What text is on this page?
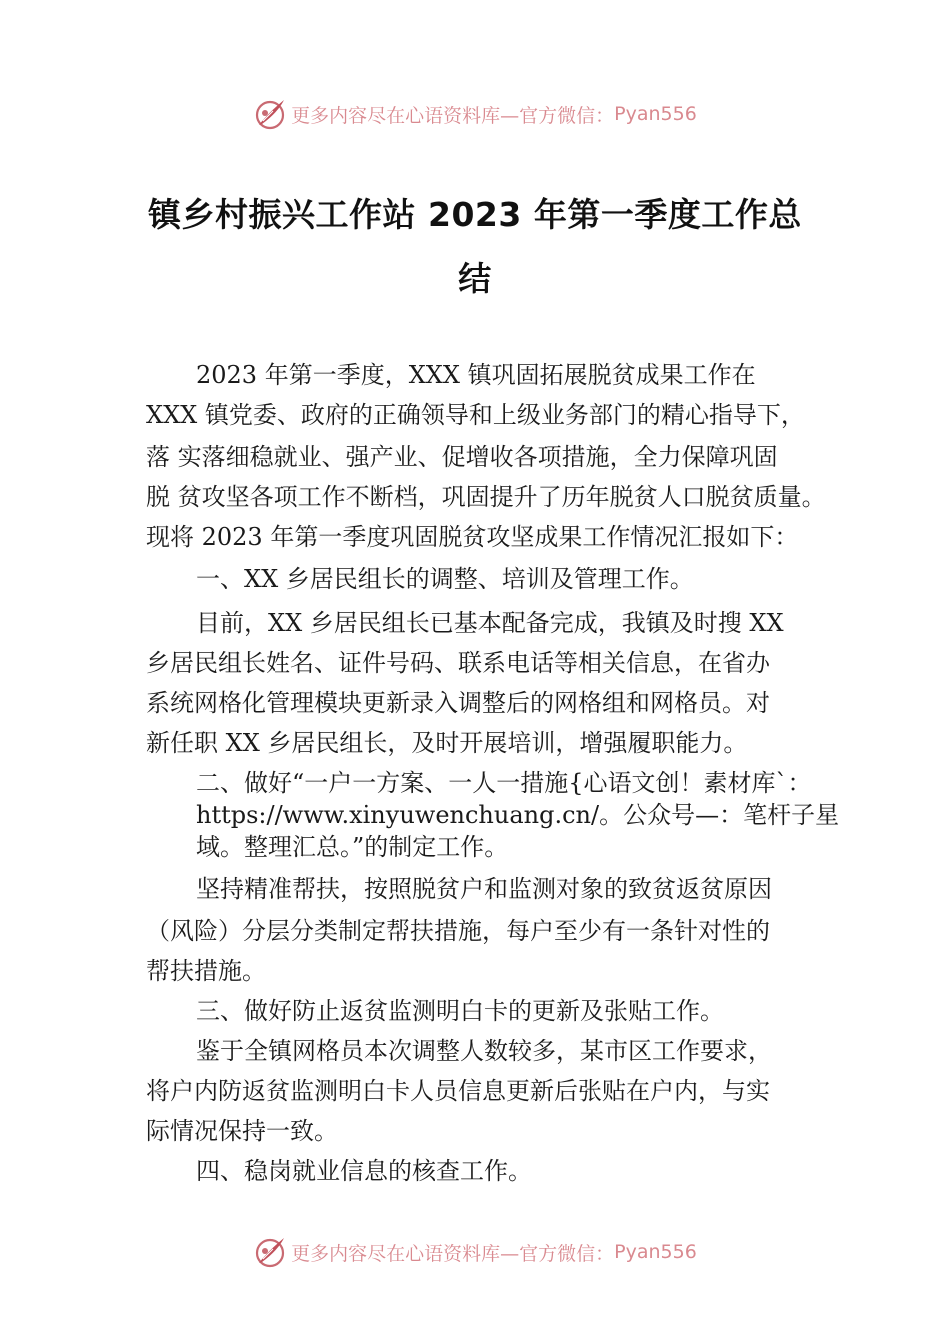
更多内容尽在心语资料库—官方微信： Pyan556
镇乡村振兴工作站 2023 年第一季度工作总
结
2023 年第一季度，XXX 镇巩固拓展脱贫成果工作在
XXX 镇党委、政府的正确领导和上级业务部门的精心指导下，
落 实落细稳就业、强产业、促增收各项措施，全力保障巩固
脱 贫攻坚各项工作不断档，巩固提升了历年脱贫人口脱贫质量。
现将 2023 年第一季度巩固脱贫攻坚成果工作情况汇报如下：
一、XX 乡居民组长的调整、培训及管理工作。
目前，XX 乡居民组长已基本配备完成，我镇及时搜 XX
乡居民组长姓名、证件号码、联系电话等相关信息，在省办
系统网格化管理模块更新录入调整后的网格组和网格员。对
新任职 XX 乡居民组长，及时开展培训，增强履职能力。
二、做好“一户一方案、一人一措施{心语文创！素材库`：
https://www.xinyuwenchuang.cn/。公众号—：笔杆子星
域。整理汇总。”的制定工作。
坚持精准帮扶，按照脱贫户和监测对象的致贫返贫原因
（风险）分层分类制定帮扶措施，每户至少有一条针对性的
帮扶措施。
三、做好防止返贫监测明白卡的更新及张贴工作。
鉴于全镇网格员本次调整人数较多，某市区工作要求，
将户内防返贫监测明白卡人员信息更新后张贴在户内，与实
际情况保持一致。
四、稳岗就业信息的核查工作。
更多内容尽在心语资料库—官方微信： Pyan556
